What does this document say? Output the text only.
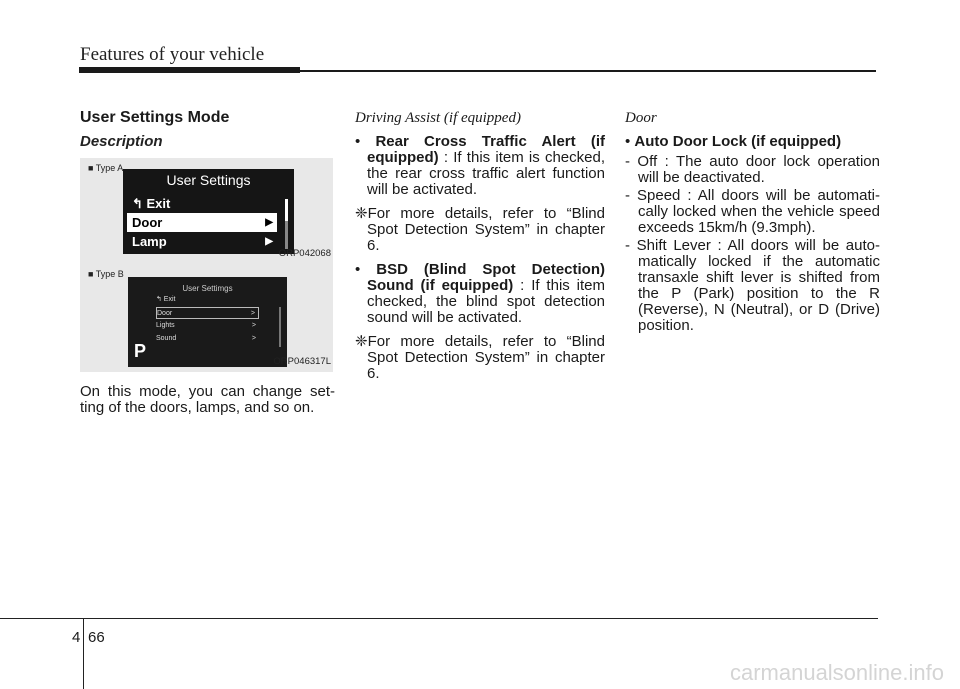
Features of your vehicle
User Settings Mode
Description
■ Type A
User Settings
↰ Exit
Door	▶
Lamp	▶
ORP042068
■ Type B
User Settimgs
↰ Exit
Door	>
Lights	>
Sound	>
P
ORP046317L

On this mode, you can change set-ting of the doors, lamps, and so on.

Driving Assist (if equipped)

• Rear Cross Traffic Alert (if equipped) : If this item is checked, the rear cross traffic alert function will be activated.

❈For more details, refer to “Blind Spot Detection System” in chapter 6.

• BSD (Blind Spot Detection) Sound (if equipped) : If this item checked, the blind spot detection sound will be activated.

❈For more details, refer to “Blind Spot Detection System” in chapter 6.

Door

• Auto Door Lock (if equipped)

- Off : The auto door lock operation will be deactivated.

- Speed : All doors will be automati-cally locked when the vehicle speed exceeds 15km/h (9.3mph).

- Shift Lever : All doors will be auto-matically locked if the automatic transaxle shift lever is shifted from the P (Park) position to the R (Reverse), N (Neutral), or D (Drive) position.

4 66
carmanualsonline.info
